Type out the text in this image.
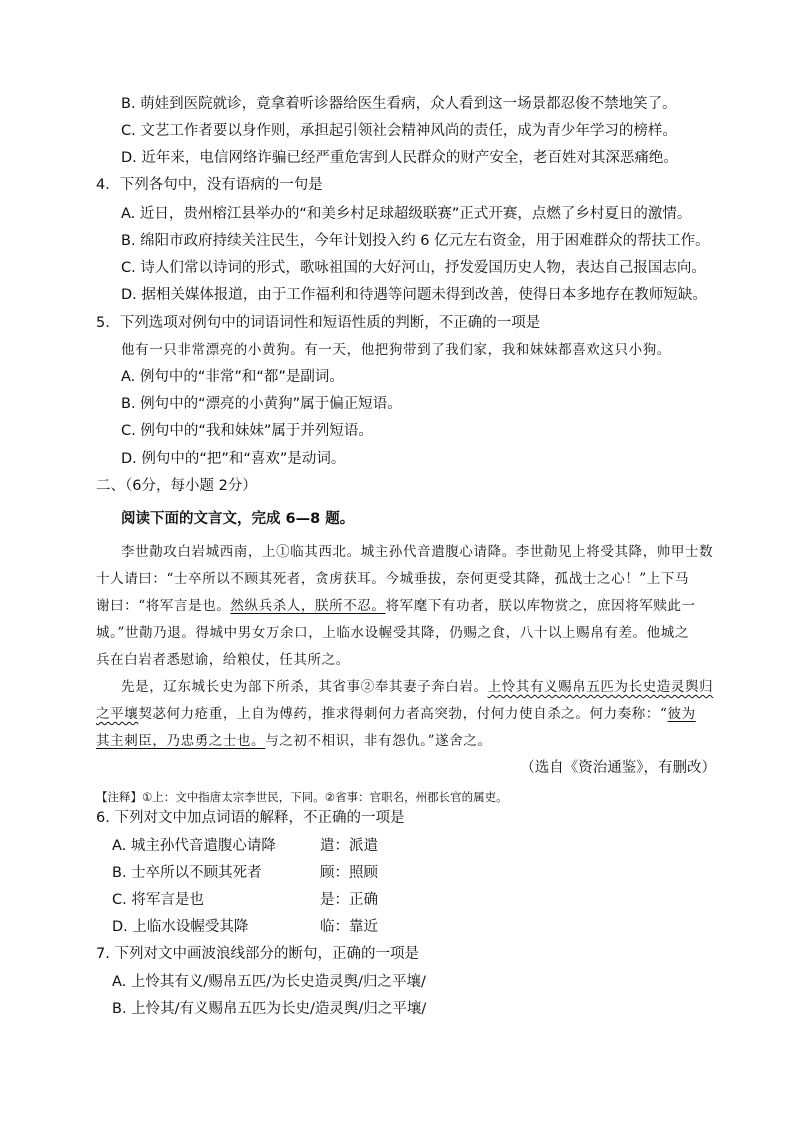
B. 萌娃到医院就诊，竟拿着听诊器给医生看病，众人看到这一场景都忍俊不禁地笑了。
C. 文艺工作者要以身作则，承担起引领社会精神风尚的责任，成为青少年学习的榜样。
D. 近年来，电信网络诈骗已经严重危害到人民群众的财产安全，老百姓对其深恶痛绝。
4．下列各句中，没有语病的一句是
A. 近日，贵州榕江县举办的“和美乡村足球超级联赛”正式开赛，点燃了乡村夏日的激情。
B. 绵阳市政府持续关注民生，今年计划投入约 6 亿元左右资金，用于困难群众的帮扶工作。
C. 诗人们常以诗词的形式，歌咏祖国的大好河山，抒发爱国历史人物，表达自己报国志向。
D. 据相关媒体报道，由于工作福利和待遇等问题未得到改善，使得日本多地存在教师短缺。
5．下列选项对例句中的词语词性和短语性质的判断，不正确的一项是
他有一只非常漂亮的小黄狗。有一天，他把狗带到了我们家，我和妹妹都喜欢这只小狗。
A. 例句中的“非常”和“都”是副词。
B. 例句中的“漂亮的小黄狗”属于偏正短语。
C. 例句中的“我和妹妹”属于并列短语。
D. 例句中的“把”和“喜欢”是动词。
二、（6分，每小题 2分）
阅读下面的文言文，完成 6—8 题。
李世勣攻白岩城西南，上①临其西北。城主孙代音遣腹心请降。李世勣见上将受其降，帅甲士数
十人请曰：“士卒所以不顾其死者，贪虏获耳。今城垂拔，奈何更受其降，孤战士之心！”上下马
谢曰：“将军言是也。然纵兵杀人，朕所不忍。将军麾下有功者，朕以库物赏之，庶因将军赎此一
城。”世勣乃退。得城中男女万余口，上临水设幄受其降，仍赐之食，八十以上赐帛有差。他城之
兵在白岩者悉慰谕，给粮仗，任其所之。
先是，辽东城长史为部下所杀，其省事②奉其妻子奔白岩。上怜其有义赐帛五匹为长史造灵舆归
之平壤契苾何力疮重，上自为傅药，推求得刺何力者高突勃，付何力使自杀之。何力奏称：“彼为
其主刺臣，乃忠勇之士也。与之初不相识，非有怨仇。”遂舍之。
（选自《资治通鉴》，有删改）
【注释】①上：文中指唐太宗李世民，下同。②省事：官职名，州郡长官的属吏。
6. 下列对文中加点词语的解释，不正确的一项是
A. 城主孙代音遣腹心请降	遣：派遣
B. 士卒所以不顾其死者	顾：照顾
C. 将军言是也	是：正确
D. 上临水设幄受其降	临：靠近
7. 下列对文中画波浪线部分的断句，正确的一项是
A. 上怜其有义/赐帛五匹/为长史造灵舆/归之平壤/
B. 上怜其/有义赐帛五匹为长史/造灵舆/归之平壤/
